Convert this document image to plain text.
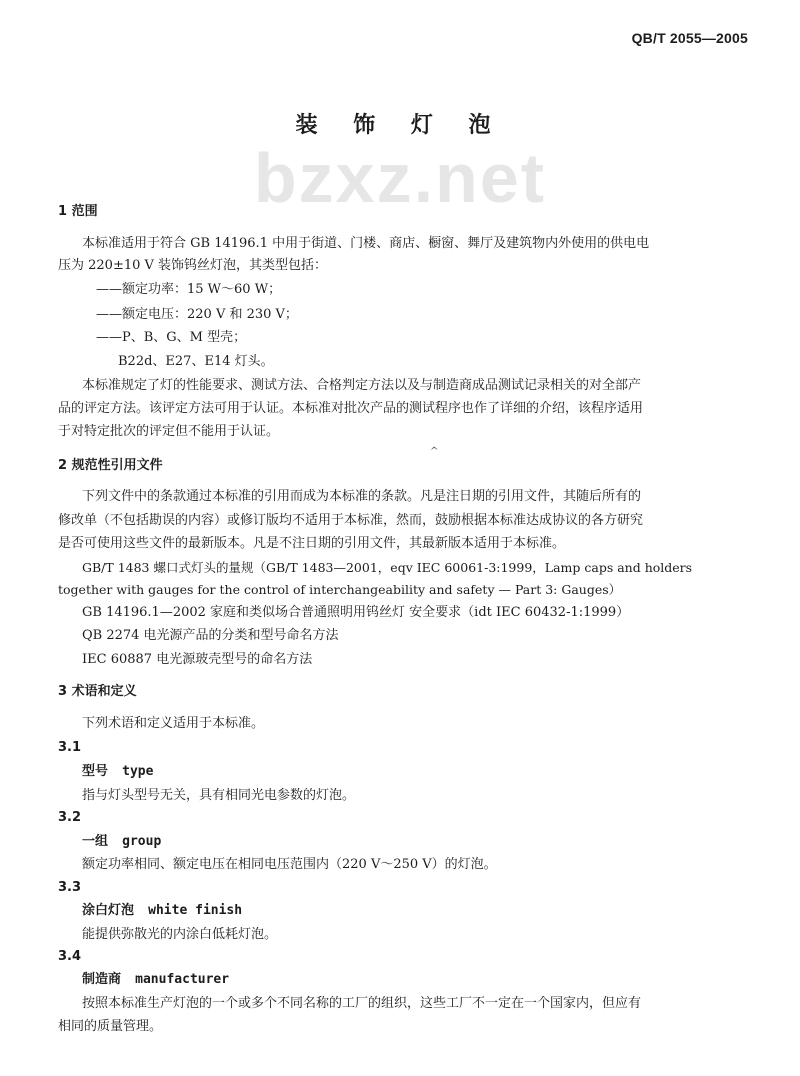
QB/T 2055—2005
bzxz.net
装 饰 灯 泡
1 范围
本标准适用于符合 GB 14196.1 中用于街道、门楼、商店、橱窗、舞厅及建筑物内外使用的供电电
压为 220±10 V 装饰钨丝灯泡，其类型包括：
——额定功率：15 W～60 W；
——额定电压：220 V 和 230 V；
——P、B、G、M 型壳；
B22d、E27、E14 灯头。
本标准规定了灯的性能要求、测试方法、合格判定方法以及与制造商成品测试记录相关的对全部产
品的评定方法。该评定方法可用于认证。本标准对批次产品的测试程序也作了详细的介绍，该程序适用
于对特定批次的评定但不能用于认证。
^
2 规范性引用文件
下列文件中的条款通过本标准的引用而成为本标准的条款。凡是注日期的引用文件，其随后所有的
修改单（不包括勘误的内容）或修订版均不适用于本标准，然而，鼓励根据本标准达成协议的各方研究
是否可使用这些文件的最新版本。凡是不注日期的引用文件，其最新版本适用于本标准。
GB/T 1483 螺口式灯头的量规（GB/T 1483—2001，eqv IEC 60061-3:1999，Lamp caps and holders
together with gauges for the control of interchangeability and safety — Part 3: Gauges）
GB 14196.1—2002 家庭和类似场合普通照明用钨丝灯 安全要求（idt IEC 60432-1:1999）
QB 2274 电光源产品的分类和型号命名方法
IEC 60887 电光源玻壳型号的命名方法
3 术语和定义
下列术语和定义适用于本标准。
3.1
型号 type
指与灯头型号无关，具有相同光电参数的灯泡。
3.2
一组 group
额定功率相同、额定电压在相同电压范围内（220 V～250 V）的灯泡。
3.3
涂白灯泡 white finish
能提供弥散光的内涂白低耗灯泡。
3.4
制造商 manufacturer
按照本标准生产灯泡的一个或多个不同名称的工厂的组织，这些工厂不一定在一个国家内，但应有
相同的质量管理。
